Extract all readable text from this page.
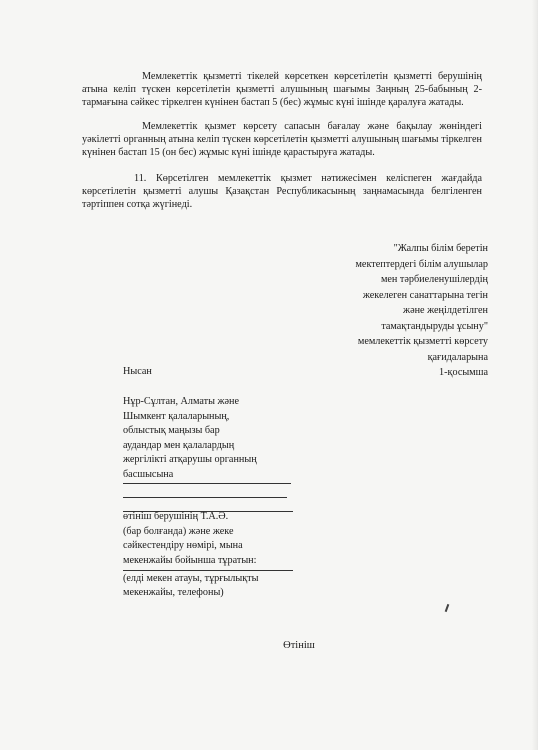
Мемлекеттік қызметті тікелей көрсеткен көрсетілетін қызметті берушінің атына келіп түскен көрсетілетін қызметті алушының шағымы Заңның 25-бабының 2-тармағына сәйкес тіркелген күнінен бастап 5 (бес) жұмыс күні ішінде қаралуға жатады.

Мемлекеттік қызмет көрсету сапасын бағалау және бақылау жөніндегі уәкілетті органның атына келіп түскен көрсетілетін қызметті алушының шағымы тіркелген күнінен бастап 15 (он бес) жұмыс күні ішінде қарастыруға жатады.

11. Көрсетілген мемлекеттік қызмет нәтижесімен келіспеген жағдайда көрсетілетін қызметті алушы Қазақстан Республикасының заңнамасында белгіленген тәртіппен сотқа жүгінеді.

"Жалпы білім беретін
мектептердегі білім алушылар
мен тәрбиеленушілердің
жекелеген санаттарына тегін
және жеңілдетілген
тамақтандыруды ұсыну"
мемлекеттік қызметті көрсету
қағидаларына
1-қосымша
Нысан
Нұр-Сұлтан, Алматы және
Шымкент қалаларының,
облыстық маңызы бар
аудандар мен қалалардың
жергілікті атқарушы органның
басшысына
өтініш берушінің Т.А.Ә.
(бар болғанда) және жеке
сәйкестендіру нөмірі, мына
мекенжайы бойынша тұратын:
(елді мекен атауы, тұрғылықты
мекенжайы, телефоны)
Өтініш
